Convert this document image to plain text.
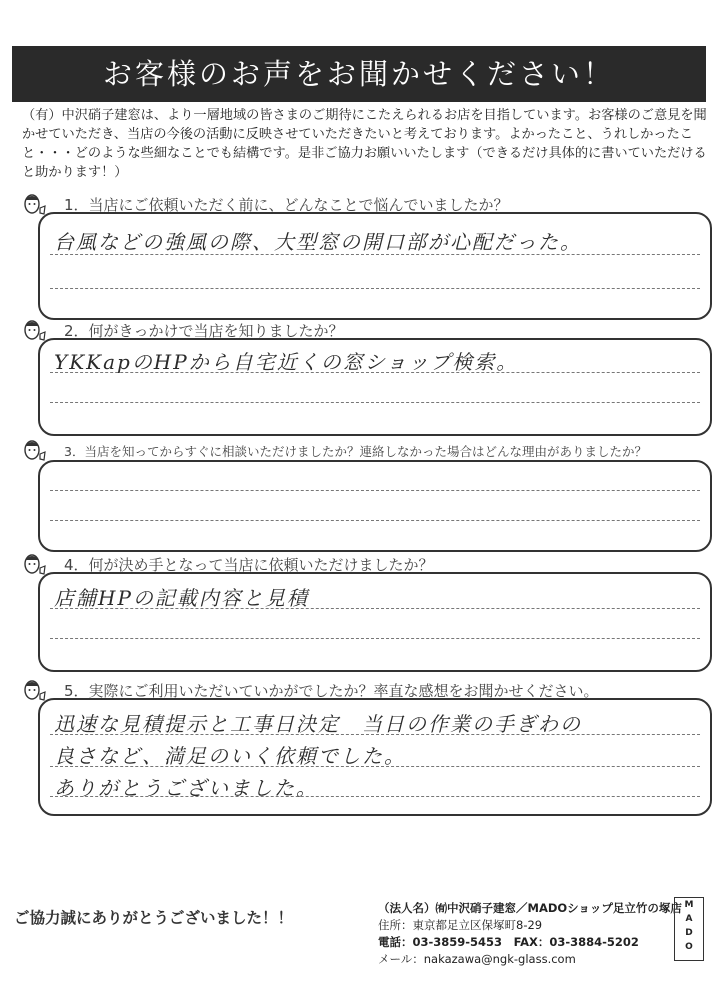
お客様のお声をお聞かせください！
（有）中沢硝子建窓は、より一層地域の皆さまのご期待にこたえられるお店を目指しています。お客様のご意見を聞かせていただき、当店の今後の活動に反映させていただきたいと考えております。よかったこと、うれしかったこと・・・どのような些細なことでも結構です。是非ご協力お願いいたします（できるだけ具体的に書いていただけると助かります！）
1．当店にご依頼いただく前に、どんなことで悩んでいましたか？
台風などの強風の際、大型窓の開口部が心配だった。
2．何がきっかけで当店を知りましたか？
YKKapのHPから自宅近くの窓ショップ検索。
3．当店を知ってからすぐに相談いただけましたか？連絡しなかった場合はどんな理由がありましたか？
4．何が決め手となって当店に依頼いただけましたか？
店舗HPの記載内容と見積
5．実際にご利用いただいていかがでしたか？率直な感想をお聞かせください。
迅速な見積提示と工事日決定　当日の作業の手ぎわの
良さなど、満足のいく依頼でした。
ありがとうございました。
ご協力誠にありがとうございました！！
（法人名）㈲中沢硝子建窓／MADOショップ足立竹の塚店
住所：東京都足立区保塚町8-29
電話：03-3859-5453　FAX：03-3884-5202
メール：nakazawa@ngk-glass.com
M
A
D
O
